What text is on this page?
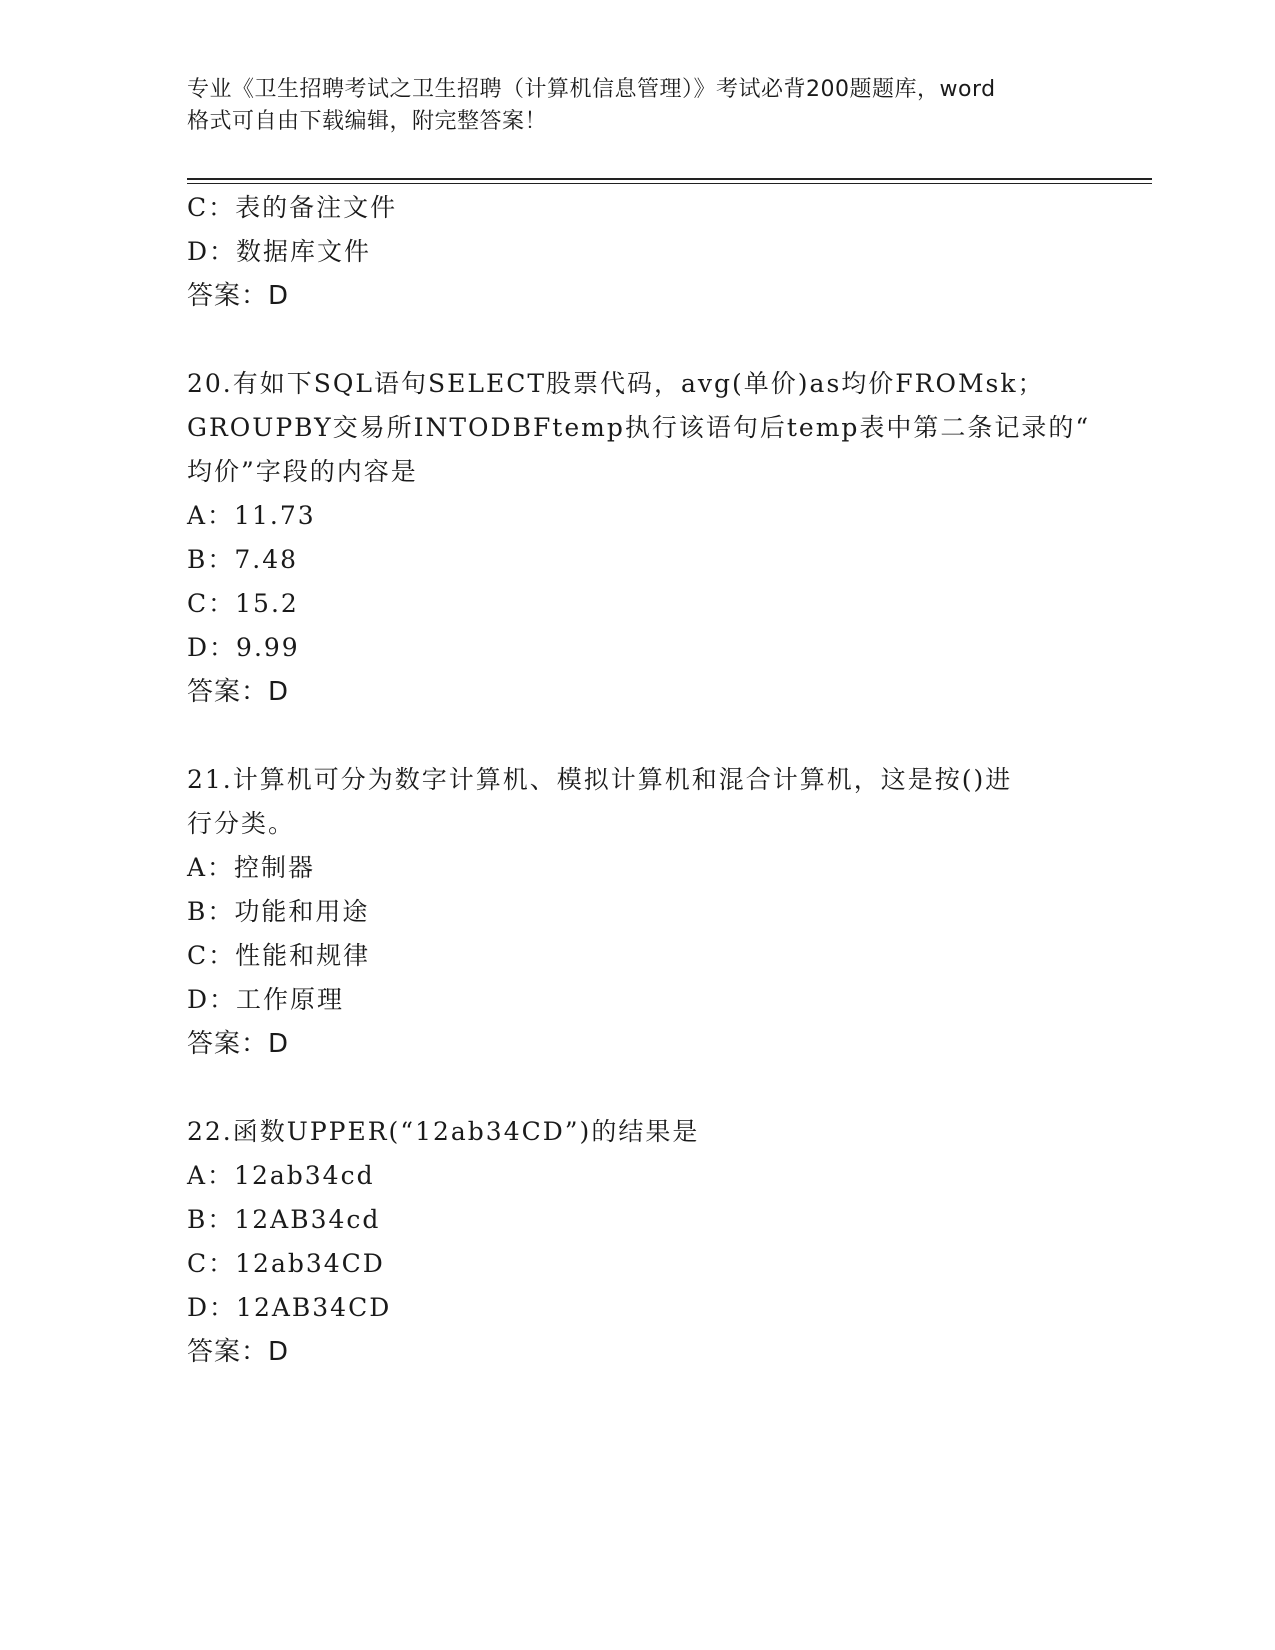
专业《卫生招聘考试之卫生招聘（计算机信息管理）》考试必背200题题库，word
格式可自由下载编辑，附完整答案！
C：表的备注文件
D：数据库文件
答案：D
20.有如下SQL语句SELECT股票代码，avg(单价)as均价FROMsk；
GROUPBY交易所INTODBFtemp执行该语句后temp表中第二条记录的“
均价”字段的内容是
A：11.73
B：7.48
C：15.2
D：9.99
答案：D
21.计算机可分为数字计算机、模拟计算机和混合计算机，这是按()进
行分类。
A：控制器
B：功能和用途
C：性能和规律
D：工作原理
答案：D
22.函数UPPER(“12ab34CD”)的结果是
A：12ab34cd
B：12AB34cd
C：12ab34CD
D：12AB34CD
答案：D
